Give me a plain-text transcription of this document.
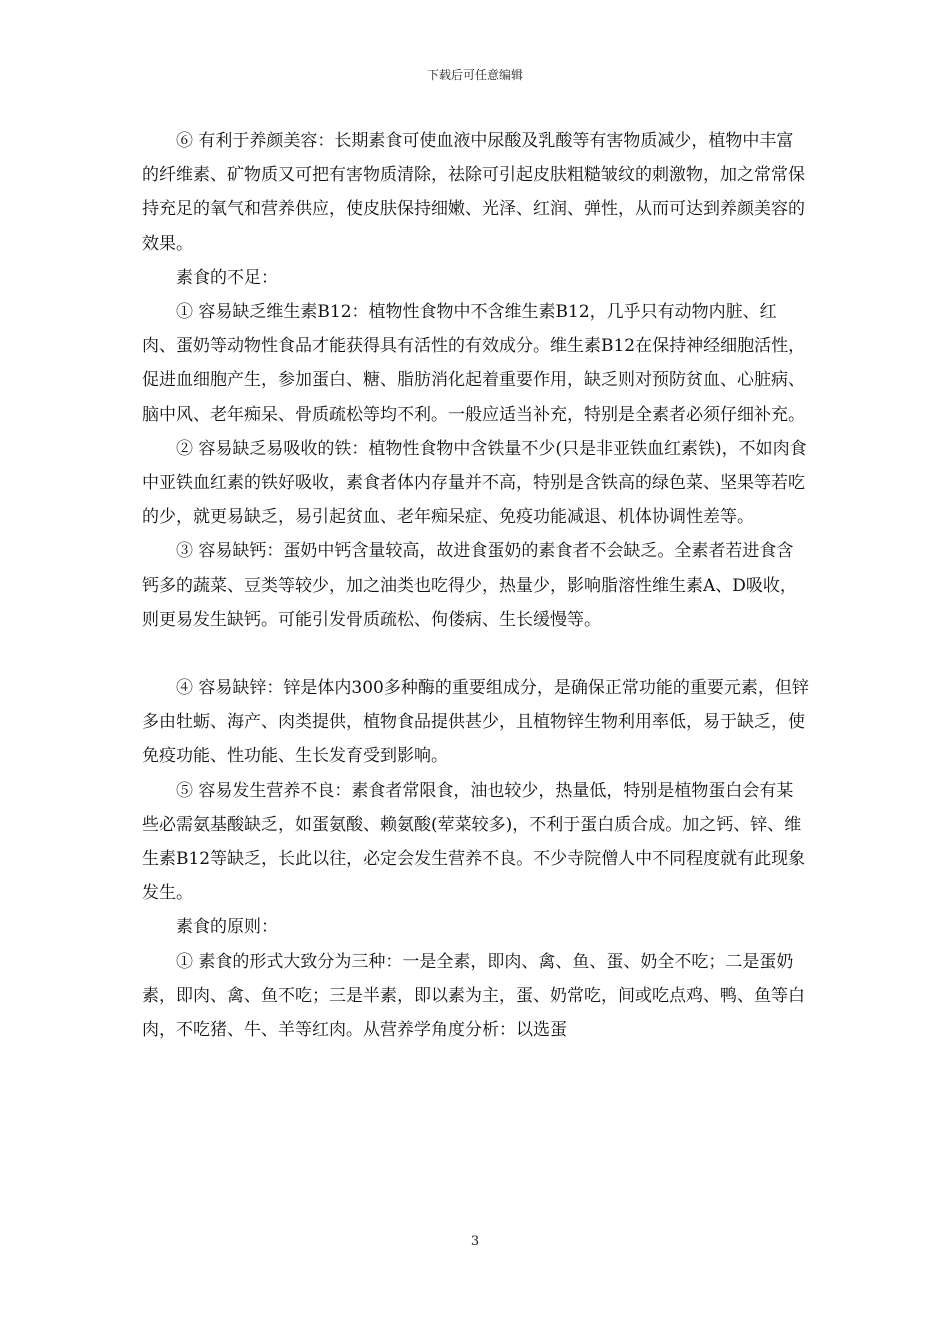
下载后可任意编辑

⑥ 有利于养颜美容：长期素食可使血液中尿酸及乳酸等有害物质减少，植物中丰富的纤维素、矿物质又可把有害物质清除，祛除可引起皮肤粗糙皱纹的刺激物，加之常常保持充足的氧气和营养供应，使皮肤保持细嫩、光泽、红润、弹性，从而可达到养颜美容的效果。

素食的不足：

① 容易缺乏维生素B12：植物性食物中不含维生素B12，几乎只有动物内脏、红肉、蛋奶等动物性食品才能获得具有活性的有效成分。维生素B12在保持神经细胞活性，促进血细胞产生，参加蛋白、糖、脂肪消化起着重要作用，缺乏则对预防贫血、心脏病、脑中风、老年痴呆、骨质疏松等均不利。一般应适当补充，特别是全素者必须仔细补充。

② 容易缺乏易吸收的铁：植物性食物中含铁量不少(只是非亚铁血红素铁)，不如肉食中亚铁血红素的铁好吸收，素食者体内存量并不高，特别是含铁高的绿色菜、坚果等若吃的少，就更易缺乏，易引起贫血、老年痴呆症、免疫功能减退、机体协调性差等。

③ 容易缺钙：蛋奶中钙含量较高，故进食蛋奶的素食者不会缺乏。全素者若进食含钙多的蔬菜、豆类等较少，加之油类也吃得少，热量少，影响脂溶性维生素A、D吸收，则更易发生缺钙。可能引发骨质疏松、佝偻病、生长缓慢等。

④ 容易缺锌：锌是体内300多种酶的重要组成分，是确保正常功能的重要元素，但锌多由牡蛎、海产、肉类提供，植物食品提供甚少，且植物锌生物利用率低，易于缺乏，使免疫功能、性功能、生长发育受到影响。

⑤ 容易发生营养不良：素食者常限食，油也较少，热量低，特别是植物蛋白会有某些必需氨基酸缺乏，如蛋氨酸、赖氨酸(荤菜较多)，不利于蛋白质合成。加之钙、锌、维生素B12等缺乏，长此以往，必定会发生营养不良。不少寺院僧人中不同程度就有此现象发生。

素食的原则：

① 素食的形式大致分为三种：一是全素，即肉、禽、鱼、蛋、奶全不吃；二是蛋奶素，即肉、禽、鱼不吃；三是半素，即以素为主，蛋、奶常吃，间或吃点鸡、鸭、鱼等白肉，不吃猪、牛、羊等红肉。从营养学角度分析：以选蛋

3
